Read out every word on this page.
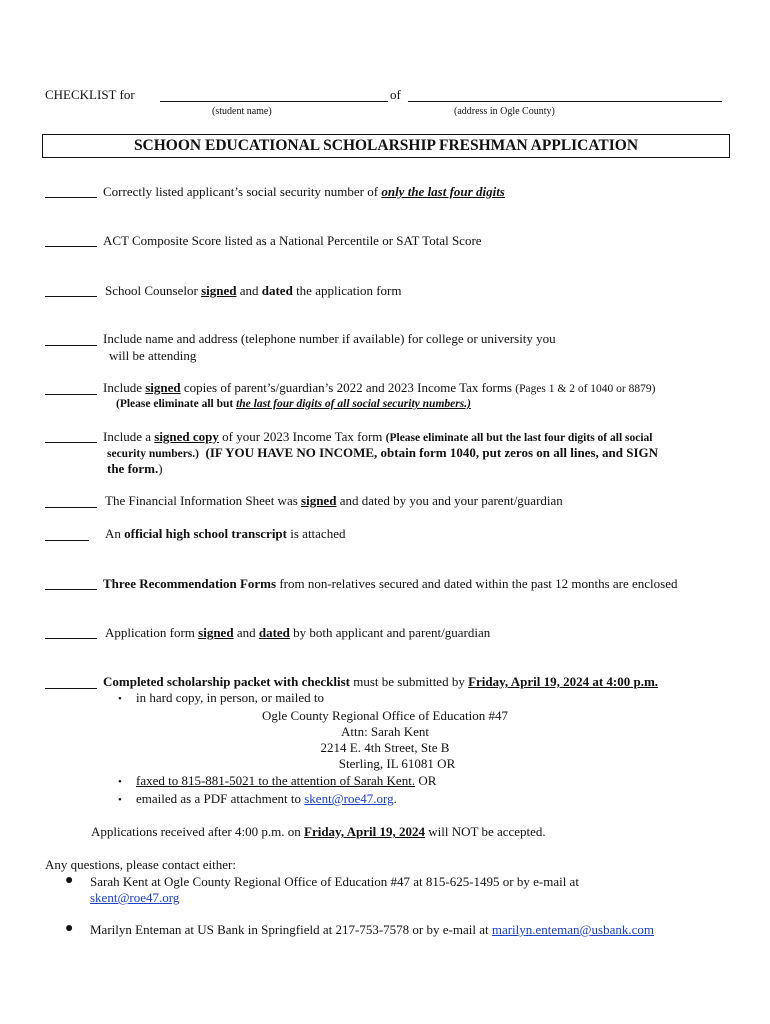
CHECKLIST for
(student name)
of
(address in Ogle County)
SCHOON EDUCATIONAL SCHOLARSHIP FRESHMAN APPLICATION
Correctly listed applicant’s social security number of only the last four digits
ACT Composite Score listed as a National Percentile or SAT Total Score
School Counselor signed and dated the application form
Include name and address (telephone number if available) for college or university you
will be attending
Include signed copies of parent’s/guardian’s 2022 and 2023 Income Tax forms (Pages 1 & 2 of 1040 or 8879)
(Please eliminate all but the last four digits of all social security numbers.)
Include a signed copy of your 2023 Income Tax form (Please eliminate all but the last four digits of all social
security numbers.) (IF YOU HAVE NO INCOME, obtain form 1040, put zeros on all lines, and SIGN
the form.)
The Financial Information Sheet was signed and dated by you and your parent/guardian
An official high school transcript is attached
Three Recommendation Forms from non-relatives secured and dated within the past 12 months are enclosed
Application form signed and dated by both applicant and parent/guardian
Completed scholarship packet with checklist must be submitted by Friday, April 19, 2024 at 4:00 p.m.
• in hard copy, in person, or mailed to
Ogle County Regional Office of Education #47
Attn: Sarah Kent
2214 E. 4th Street, Ste B
Sterling, IL 61081 OR
• faxed to 815-881-5021 to the attention of Sarah Kent. OR
• emailed as a PDF attachment to skent@roe47.org.
Applications received after 4:00 p.m. on Friday, April 19, 2024 will NOT be accepted.
Any questions, please contact either:
● Sarah Kent at Ogle County Regional Office of Education #47 at 815-625-1495 or by e-mail at
skent@roe47.org
● Marilyn Enteman at US Bank in Springfield at 217-753-7578 or by e-mail at marilyn.enteman@usbank.com
